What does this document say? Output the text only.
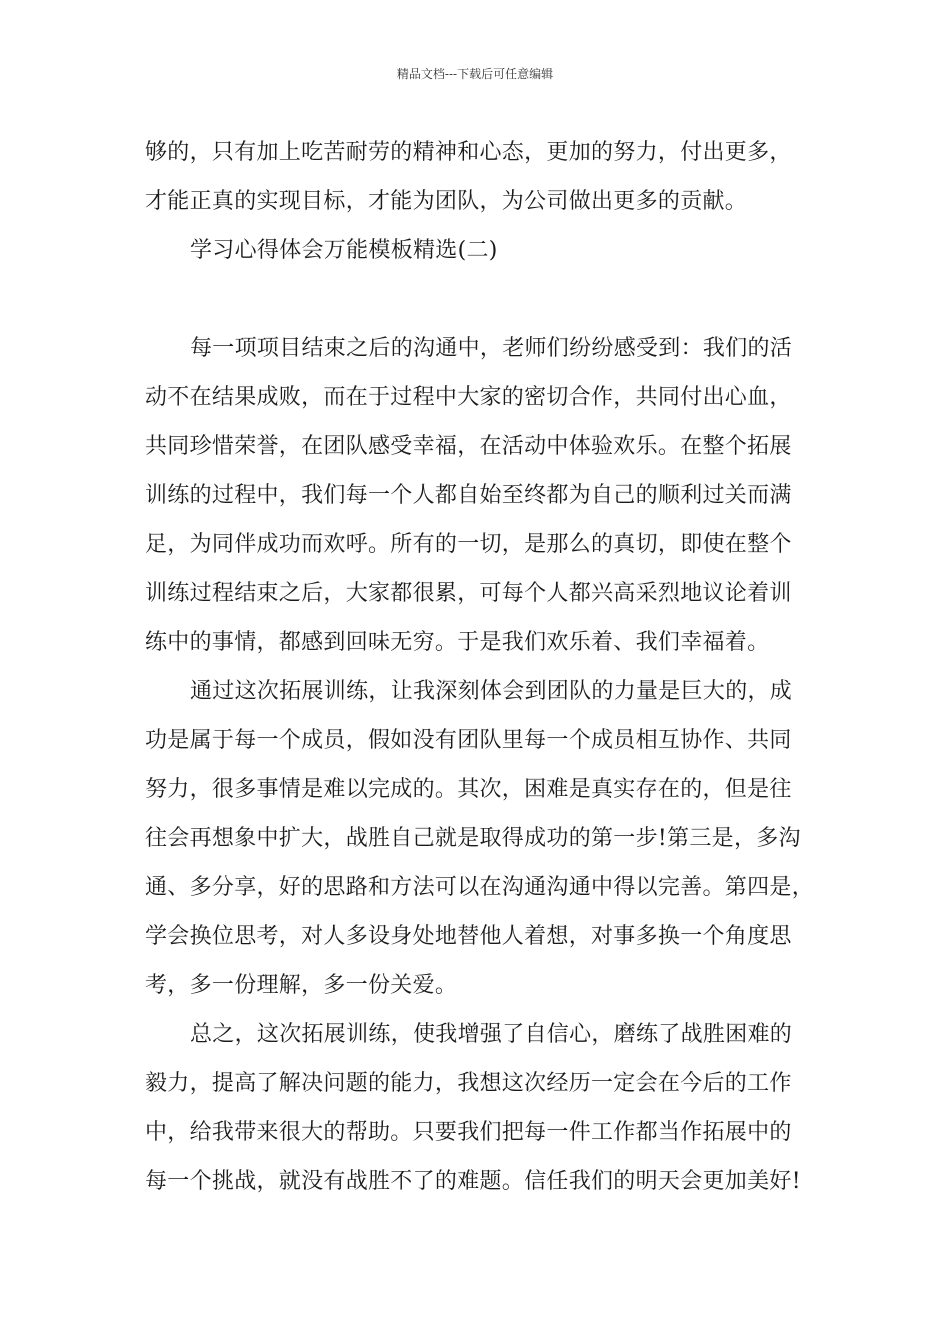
精品文档---下载后可任意编辑
够的，只有加上吃苦耐劳的精神和心态，更加的努力，付出更多，
才能正真的实现目标，才能为团队，为公司做出更多的贡献。
学习心得体会万能模板精选(二)
每一项项目结束之后的沟通中，老师们纷纷感受到：我们的活
动不在结果成败，而在于过程中大家的密切合作，共同付出心血，
共同珍惜荣誉，在团队感受幸福，在活动中体验欢乐。在整个拓展
训练的过程中，我们每一个人都自始至终都为自己的顺利过关而满
足，为同伴成功而欢呼。所有的一切，是那么的真切，即使在整个
训练过程结束之后，大家都很累，可每个人都兴高采烈地议论着训
练中的事情，都感到回味无穷。于是我们欢乐着、我们幸福着。
通过这次拓展训练，让我深刻体会到团队的力量是巨大的，成
功是属于每一个成员，假如没有团队里每一个成员相互协作、共同
努力，很多事情是难以完成的。其次，困难是真实存在的，但是往
往会再想象中扩大，战胜自己就是取得成功的第一步!第三是，多沟
通、多分享，好的思路和方法可以在沟通沟通中得以完善。第四是，
学会换位思考，对人多设身处地替他人着想，对事多换一个角度思
考，多一份理解，多一份关爱。
总之，这次拓展训练，使我增强了自信心，磨练了战胜困难的
毅力，提高了解决问题的能力，我想这次经历一定会在今后的工作
中，给我带来很大的帮助。只要我们把每一件工作都当作拓展中的
每一个挑战，就没有战胜不了的难题。信任我们的明天会更加美好!
